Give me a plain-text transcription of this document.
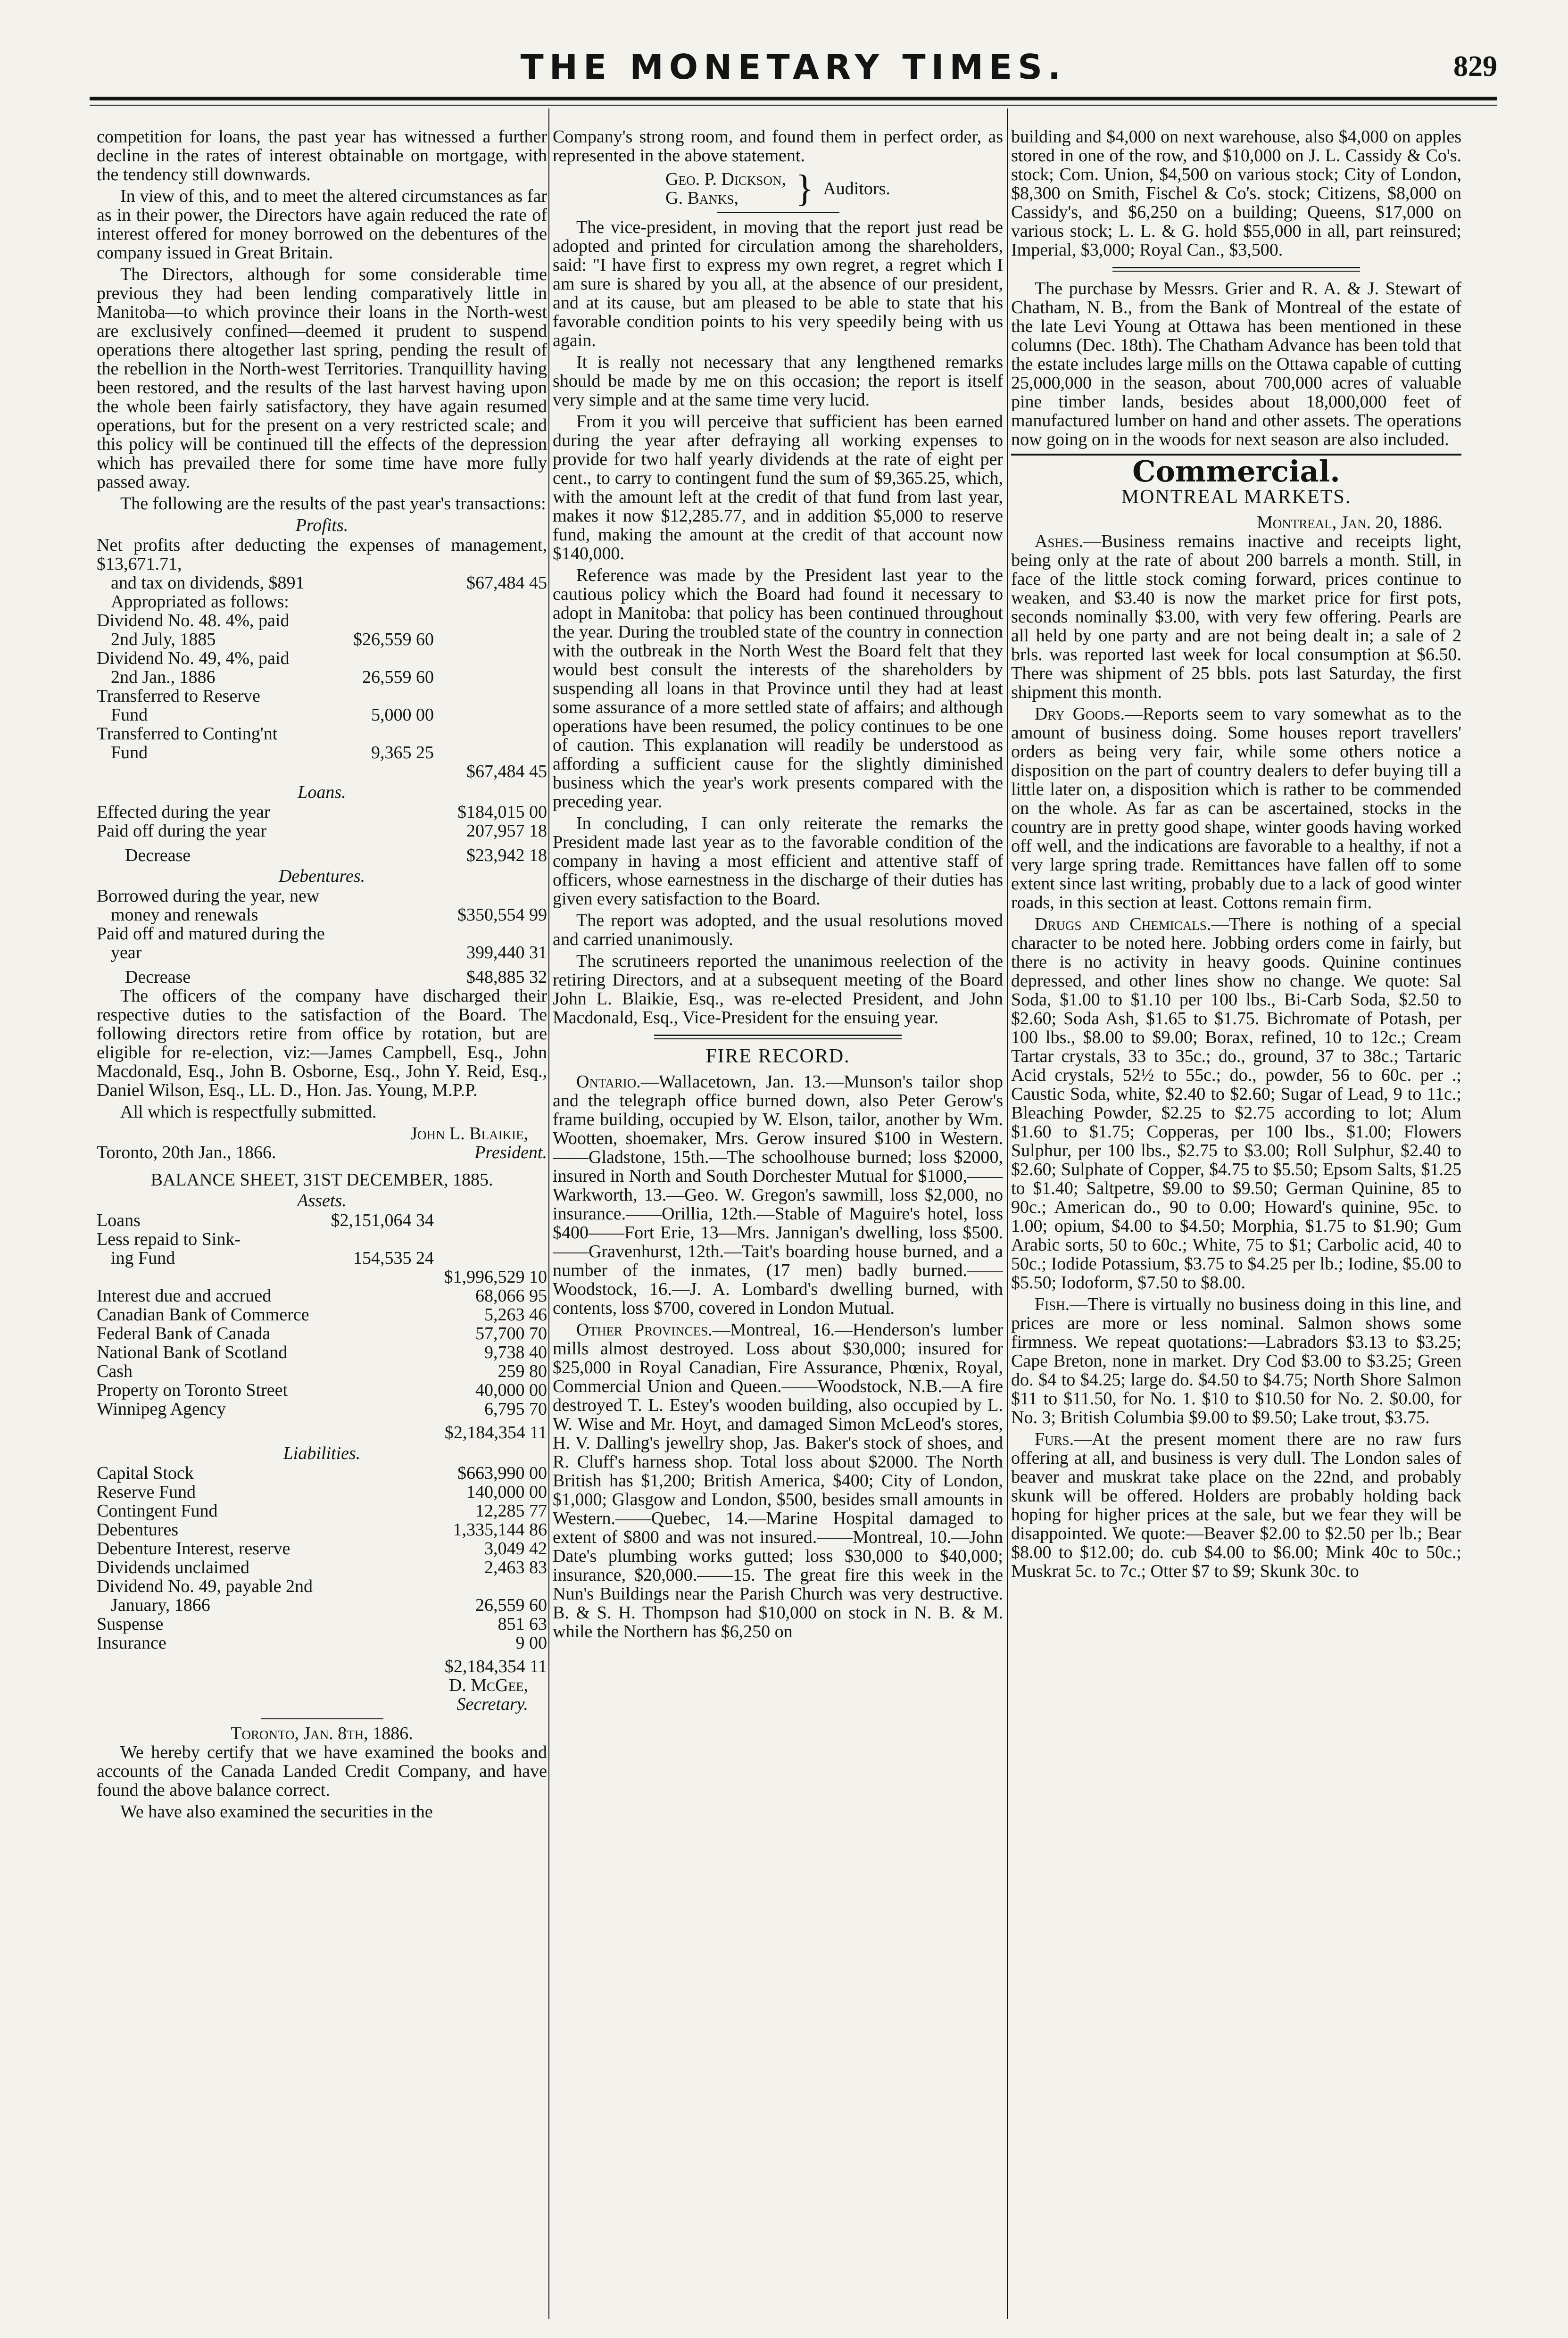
THE MONETARY TIMES.	829

competition for loans, the past year has witnessed a further decline in the rates of interest obtainable on mortgage, with the tendency still downwards.

In view of this, and to meet the altered circumstances as far as in their power, the Directors have again reduced the rate of interest offered for money borrowed on the debentures of the company issued in Great Britain.

The Directors, although for some considerable time previous they had been lending comparatively little in Manitoba—to which province their loans in the North-west are exclusively confined—deemed it prudent to suspend operations there altogether last spring, pending the result of the rebellion in the North-west Territories. Tranquillity having been restored, and the results of the last harvest having upon the whole been fairly satisfactory, they have again resumed operations, but for the present on a very restricted scale; and this policy will be continued till the effects of the depression which has prevailed there for some time have more fully passed away.

The following are the results of the past year's transactions:

Profits.
Net profits after deducting the expenses of management, $13,671.71,
and tax on dividends, $891	$67,484 45
Appropriated as follows:
Dividend No. 48. 4%, paid
2nd July, 1885	$26,559 60
Dividend No. 49, 4%, paid
2nd Jan., 1886	26,559 60
Transferred to Reserve
Fund	5,000 00
Transferred to Conting'nt
Fund	9,365 25
$67,484 45
Loans.
Effected during the year	$184,015 00
Paid off during the year	207,957 18
Decrease	$23,942 18
Debentures.
Borrowed during the year, new
money and renewals	$350,554 99
Paid off and matured during the
year	399,440 31
Decrease	$48,885 32

The officers of the company have discharged their respective duties to the satisfaction of the Board. The following directors retire from office by rotation, but are eligible for re-election, viz:—James Campbell, Esq., John Macdonald, Esq., John B. Osborne, Esq., John Y. Reid, Esq., Daniel Wilson, Esq., LL. D., Hon. Jas. Young, M.P.P.

All which is respectfully submitted.

John L. Blaikie,
Toronto, 20th Jan., 1866.	President.
BALANCE SHEET, 31ST DECEMBER, 1885.
Assets.
Loans	$2,151,064 34
Less repaid to Sink-
ing Fund	154,535 24
$1,996,529 10
Interest due and accrued	68,066 95
Canadian Bank of Commerce	5,263 46
Federal Bank of Canada	57,700 70
National Bank of Scotland	9,738 40
Cash	259 80
Property on Toronto Street	40,000 00
Winnipeg Agency	6,795 70
$2,184,354 11
Liabilities.
Capital Stock	$663,990 00
Reserve Fund	140,000 00
Contingent Fund	12,285 77
Debentures	1,335,144 86
Debenture Interest, reserve	3,049 42
Dividends unclaimed	2,463 83
Dividend No. 49, payable 2nd
January, 1866	26,559 60
Suspense	851 63
Insurance	9 00
$2,184,354 11
D. McGee,
Secretary.
Toronto, Jan. 8th, 1886.

We hereby certify that we have examined the books and accounts of the Canada Landed Credit Company, and have found the above balance correct.

We have also examined the securities in the

Company's strong room, and found them in perfect order, as represented in the above statement.

Geo. P. Dickson,
G. Banks,	} Auditors.

The vice-president, in moving that the report just read be adopted and printed for circulation among the shareholders, said: "I have first to express my own regret, a regret which I am sure is shared by you all, at the absence of our president, and at its cause, but am pleased to be able to state that his favorable condition points to his very speedily being with us again.

It is really not necessary that any lengthened remarks should be made by me on this occasion; the report is itself very simple and at the same time very lucid.

From it you will perceive that sufficient has been earned during the year after defraying all working expenses to provide for two half yearly dividends at the rate of eight per cent., to carry to contingent fund the sum of $9,365.25, which, with the amount left at the credit of that fund from last year, makes it now $12,285.77, and in addition $5,000 to reserve fund, making the amount at the credit of that account now $140,000.

Reference was made by the President last year to the cautious policy which the Board had found it necessary to adopt in Manitoba: that policy has been continued throughout the year. During the troubled state of the country in connection with the outbreak in the North West the Board felt that they would best consult the interests of the shareholders by suspending all loans in that Province until they had at least some assurance of a more settled state of affairs; and although operations have been resumed, the policy continues to be one of caution. This explanation will readily be understood as affording a sufficient cause for the slightly diminished business which the year's work presents compared with the preceding year.

In concluding, I can only reiterate the remarks the President made last year as to the favorable condition of the company in having a most efficient and attentive staff of officers, whose earnestness in the discharge of their duties has given every satisfaction to the Board.

The report was adopted, and the usual resolutions moved and carried unanimously.

The scrutineers reported the unanimous reelection of the retiring Directors, and at a subsequent meeting of the Board John L. Blaikie, Esq., was re-elected President, and John Macdonald, Esq., Vice-President for the ensuing year.

FIRE RECORD.

Ontario.—Wallacetown, Jan. 13.—Munson's tailor shop and the telegraph office burned down, also Peter Gerow's frame building, occupied by W. Elson, tailor, another by Wm. Wootten, shoemaker, Mrs. Gerow insured $100 in Western.——Gladstone, 15th.—The schoolhouse burned; loss $2000, insured in North and South Dorchester Mutual for $1000,——Warkworth, 13.—Geo. W. Gregon's sawmill, loss $2,000, no insurance.——Orillia, 12th.—Stable of Maguire's hotel, loss $400——Fort Erie, 13—Mrs. Jannigan's dwelling, loss $500.——Gravenhurst, 12th.—Tait's boarding house burned, and a number of the inmates, (17 men) badly burned.——Woodstock, 16.—J. A. Lombard's dwelling burned, with contents, loss $700, covered in London Mutual.

Other Provinces.—Montreal, 16.—Henderson's lumber mills almost destroyed. Loss about $30,000; insured for $25,000 in Royal Canadian, Fire Assurance, Phœnix, Royal, Commercial Union and Queen.——Woodstock, N.B.—A fire destroyed T. L. Estey's wooden building, also occupied by L. W. Wise and Mr. Hoyt, and damaged Simon McLeod's stores, H. V. Dalling's jewellry shop, Jas. Baker's stock of shoes, and R. Cluff's harness shop. Total loss about $2000. The North British has $1,200; British America, $400; City of London, $1,000; Glasgow and London, $500, besides small amounts in Western.——Quebec, 14.—Marine Hospital damaged to extent of $800 and was not insured.——Montreal, 10.—John Date's plumbing works gutted; loss $30,000 to $40,000; insurance, $20,000.——15. The great fire this week in the Nun's Buildings near the Parish Church was very destructive. B. & S. H. Thompson had $10,000 on stock in N. B. & M. while the Northern has $6,250 on

building and $4,000 on next warehouse, also $4,000 on apples stored in one of the row, and $10,000 on J. L. Cassidy & Co's. stock; Com. Union, $4,500 on various stock; City of London, $8,300 on Smith, Fischel & Co's. stock; Citizens, $8,000 on Cassidy's, and $6,250 on a building; Queens, $17,000 on various stock; L. L. & G. hold $55,000 in all, part reinsured; Imperial, $3,000; Royal Can., $3,500.

The purchase by Messrs. Grier and R. A. & J. Stewart of Chatham, N. B., from the Bank of Montreal of the estate of the late Levi Young at Ottawa has been mentioned in these columns (Dec. 18th). The Chatham Advance has been told that the estate includes large mills on the Ottawa capable of cutting 25,000,000 in the season, about 700,000 acres of valuable pine timber lands, besides about 18,000,000 feet of manufactured lumber on hand and other assets. The operations now going on in the woods for next season are also included.

Commercial.
MONTREAL MARKETS.
Montreal, Jan. 20, 1886.

Ashes.—Business remains inactive and receipts light, being only at the rate of about 200 barrels a month. Still, in face of the little stock coming forward, prices continue to weaken, and $3.40 is now the market price for first pots, seconds nominally $3.00, with very few offering. Pearls are all held by one party and are not being dealt in; a sale of 2 brls. was reported last week for local consumption at $6.50. There was shipment of 25 bbls. pots last Saturday, the first shipment this month.

Dry Goods.—Reports seem to vary somewhat as to the amount of business doing. Some houses report travellers' orders as being very fair, while some others notice a disposition on the part of country dealers to defer buying till a little later on, a disposition which is rather to be commended on the whole. As far as can be ascertained, stocks in the country are in pretty good shape, winter goods having worked off well, and the indications are favorable to a healthy, if not a very large spring trade. Remittances have fallen off to some extent since last writing, probably due to a lack of good winter roads, in this section at least. Cottons remain firm.

Drugs and Chemicals.—There is nothing of a special character to be noted here. Jobbing orders come in fairly, but there is no activity in heavy goods. Quinine continues depressed, and other lines show no change. We quote: Sal Soda, $1.00 to $1.10 per 100 lbs., Bi-Carb Soda, $2.50 to $2.60; Soda Ash, $1.65 to $1.75. Bichromate of Potash, per 100 lbs., $8.00 to $9.00; Borax, refined, 10 to 12c.; Cream Tartar crystals, 33 to 35c.; do., ground, 37 to 38c.; Tartaric Acid crystals, 52½ to 55c.; do., powder, 56 to 60c. per .; Caustic Soda, white, $2.40 to $2.60; Sugar of Lead, 9 to 11c.; Bleaching Powder, $2.25 to $2.75 according to lot; Alum $1.60 to $1.75; Copperas, per 100 lbs., $1.00; Flowers Sulphur, per 100 lbs., $2.75 to $3.00; Roll Sulphur, $2.40 to $2.60; Sulphate of Copper, $4.75 to $5.50; Epsom Salts, $1.25 to $1.40; Saltpetre, $9.00 to $9.50; German Quinine, 85 to 90c.; American do., 90 to 0.00; Howard's quinine, 95c. to 1.00; opium, $4.00 to $4.50; Morphia, $1.75 to $1.90; Gum Arabic sorts, 50 to 60c.; White, 75 to $1; Carbolic acid, 40 to 50c.; Iodide Potassium, $3.75 to $4.25 per lb.; Iodine, $5.00 to $5.50; Iodoform, $7.50 to $8.00.

Fish.—There is virtually no business doing in this line, and prices are more or less nominal. Salmon shows some firmness. We repeat quotations:—Labradors $3.13 to $3.25; Cape Breton, none in market. Dry Cod $3.00 to $3.25; Green do. $4 to $4.25; large do. $4.50 to $4.75; North Shore Salmon $11 to $11.50, for No. 1. $10 to $10.50 for No. 2. $0.00, for No. 3; British Columbia $9.00 to $9.50; Lake trout, $3.75.

Furs.—At the present moment there are no raw furs offering at all, and business is very dull. The London sales of beaver and muskrat take place on the 22nd, and probably skunk will be offered. Holders are probably holding back hoping for higher prices at the sale, but we fear they will be disappointed. We quote:—Beaver $2.00 to $2.50 per lb.; Bear $8.00 to $12.00; do. cub $4.00 to $6.00; Mink 40c to 50c.; Muskrat 5c. to 7c.; Otter $7 to $9; Skunk 30c. to
